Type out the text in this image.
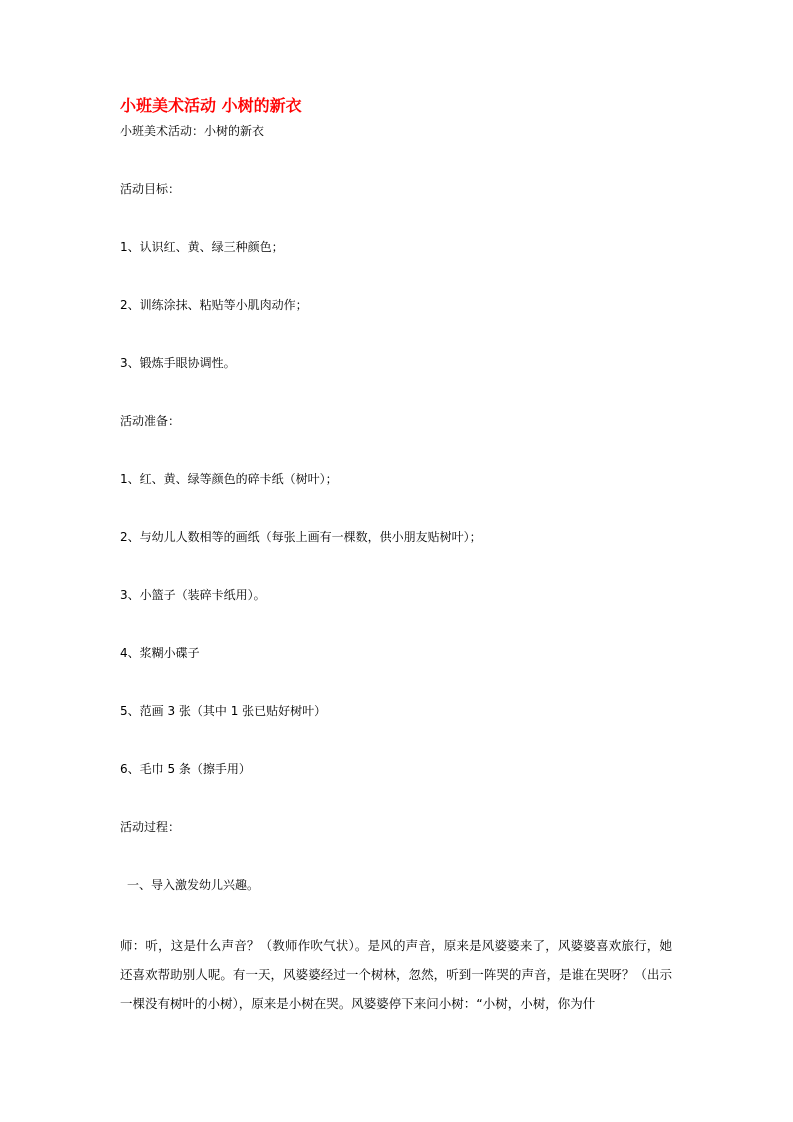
小班美术活动 小树的新衣
小班美术活动：小树的新衣
活动目标：
1、认识红、黄、绿三种颜色；
2、训练涂抹、粘贴等小肌肉动作；
3、锻炼手眼协调性。
活动准备：
1、红、黄、绿等颜色的碎卡纸（树叶）；
2、与幼儿人数相等的画纸（每张上画有一棵数，供小朋友贴树叶）；
3、小篮子（装碎卡纸用）。
4、浆糊小碟子
5、范画 3 张（其中 1 张已贴好树叶）
6、毛巾 5 条（擦手用）
活动过程：
一、导入激发幼儿兴趣。
师：听，这是什么声音？（教师作吹气状）。是风的声音，原来是风婆婆来了，风婆婆喜欢旅行，她还喜欢帮助别人呢。有一天，风婆婆经过一个树林，忽然，听到一阵哭的声音，是谁在哭呀？（出示一棵没有树叶的小树），原来是小树在哭。风婆婆停下来问小树：“小树，小树，你为什
